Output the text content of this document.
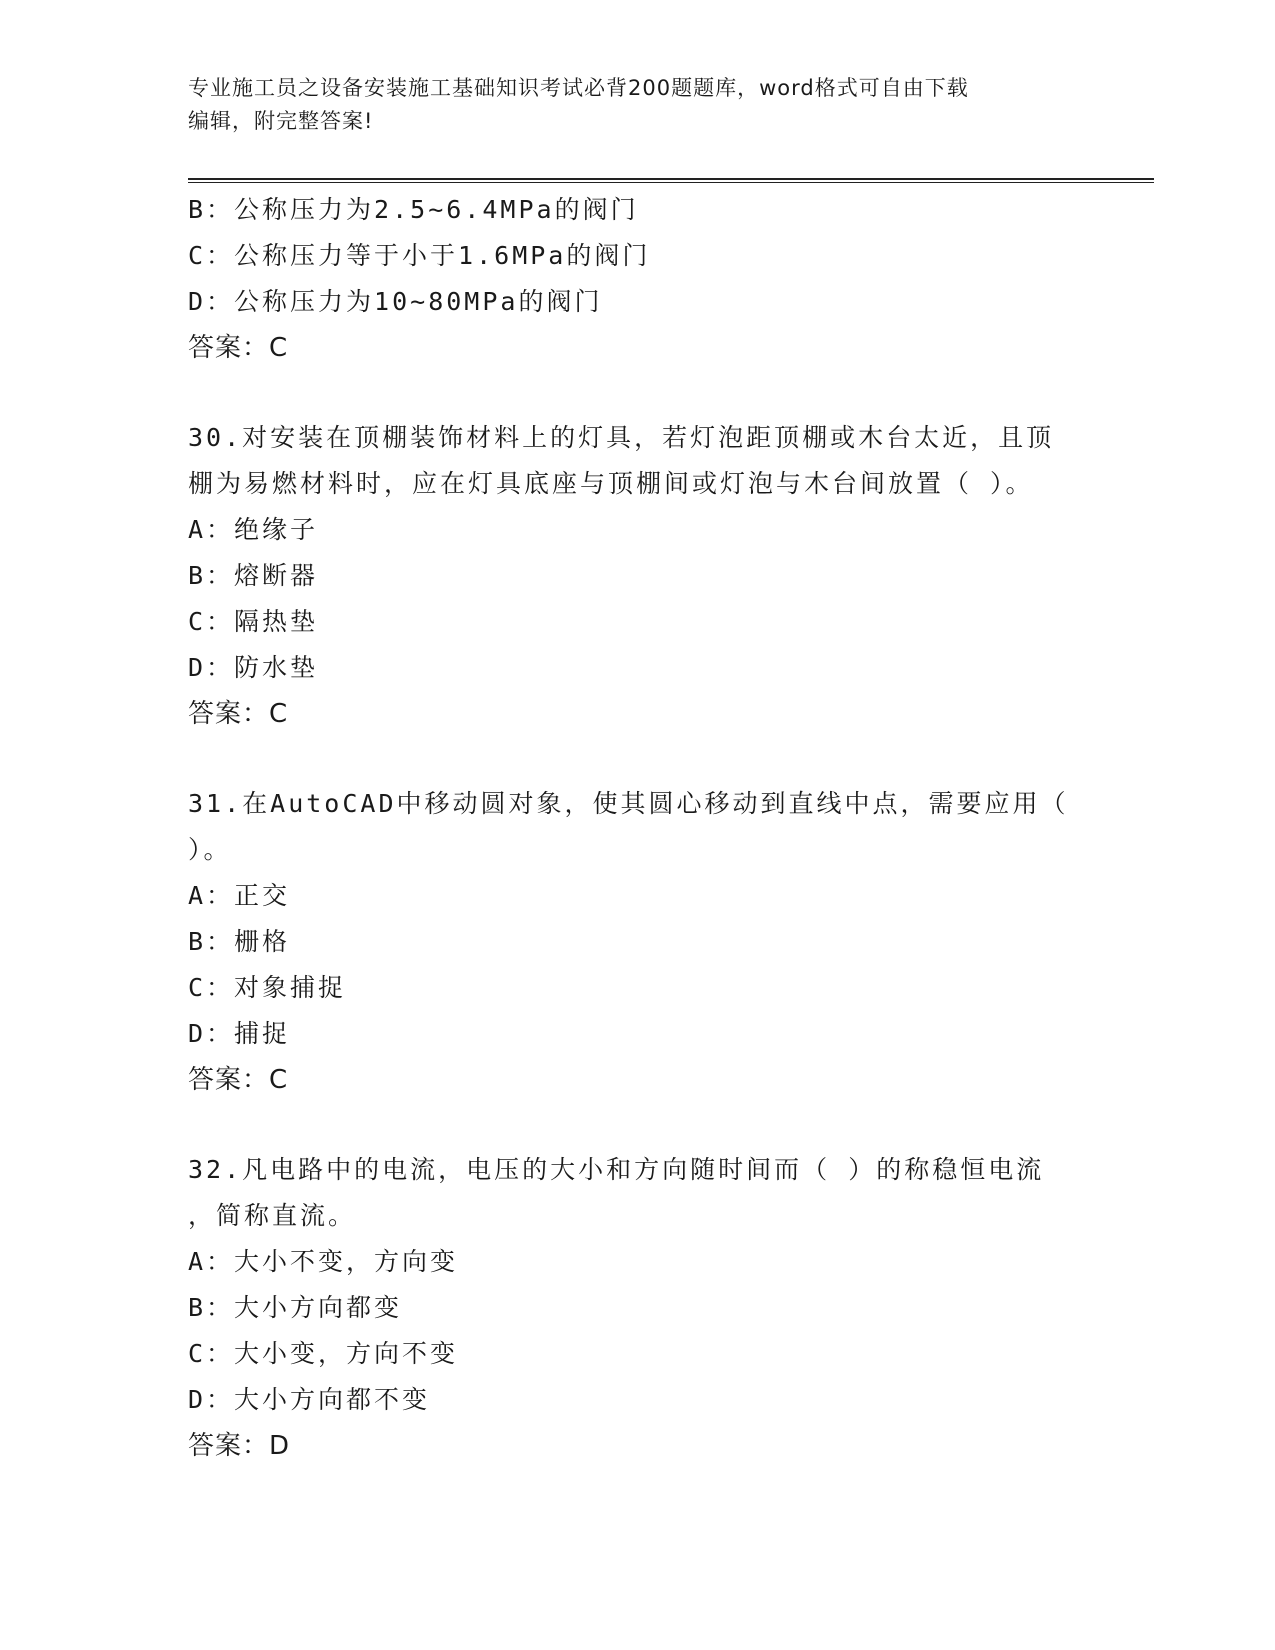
专业施工员之设备安装施工基础知识考试必背200题题库，word格式可自由下载
编辑，附完整答案!
B：公称压力为2.5~6.4MPa的阀门
C：公称压力等于小于1.6MPa的阀门
D：公称压力为10~80MPa的阀门
答案：C
30.对安装在顶棚装饰材料上的灯具，若灯泡距顶棚或木台太近，且顶
棚为易燃材料时，应在灯具底座与顶棚间或灯泡与木台间放置（ ）。
A：绝缘子
B：熔断器
C：隔热垫
D：防水垫
答案：C
31.在AutoCAD中移动圆对象，使其圆心移动到直线中点，需要应用（
）。
A：正交
B：栅格
C：对象捕捉
D：捕捉
答案：C
32.凡电路中的电流，电压的大小和方向随时间而（ ）的称稳恒电流
，简称直流。
A：大小不变，方向变
B：大小方向都变
C：大小变，方向不变
D：大小方向都不变
答案：D
